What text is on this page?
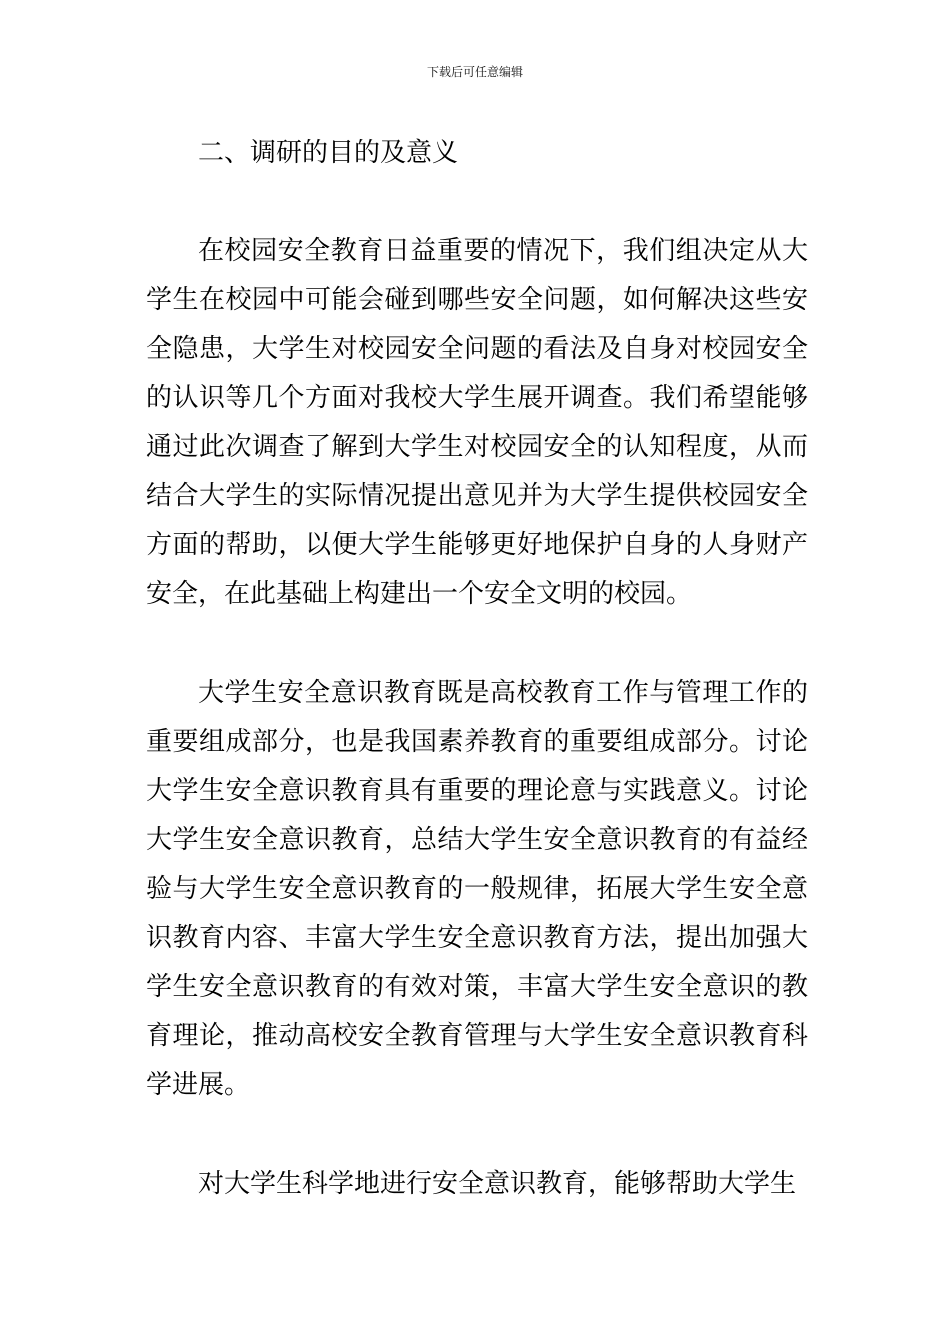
下载后可任意编辑
二、调研的目的及意义

在校园安全教育日益重要的情况下，我们组决定从大学生在校园中可能会碰到哪些安全问题，如何解决这些安全隐患，大学生对校园安全问题的看法及自身对校园安全的认识等几个方面对我校大学生展开调查。我们希望能够通过此次调查了解到大学生对校园安全的认知程度，从而结合大学生的实际情况提出意见并为大学生提供校园安全方面的帮助，以便大学生能够更好地保护自身的人身财产安全，在此基础上构建出一个安全文明的校园。

大学生安全意识教育既是高校教育工作与管理工作的重要组成部分，也是我国素养教育的重要组成部分。讨论大学生安全意识教育具有重要的理论意与实践意义。讨论大学生安全意识教育，总结大学生安全意识教育的有益经验与大学生安全意识教育的一般规律，拓展大学生安全意识教育内容、丰富大学生安全意识教育方法，提出加强大学生安全意识教育的有效对策，丰富大学生安全意识的教育理论，推动高校安全教育管理与大学生安全意识教育科学进展。

对大学生科学地进行安全意识教育，能够帮助大学生
